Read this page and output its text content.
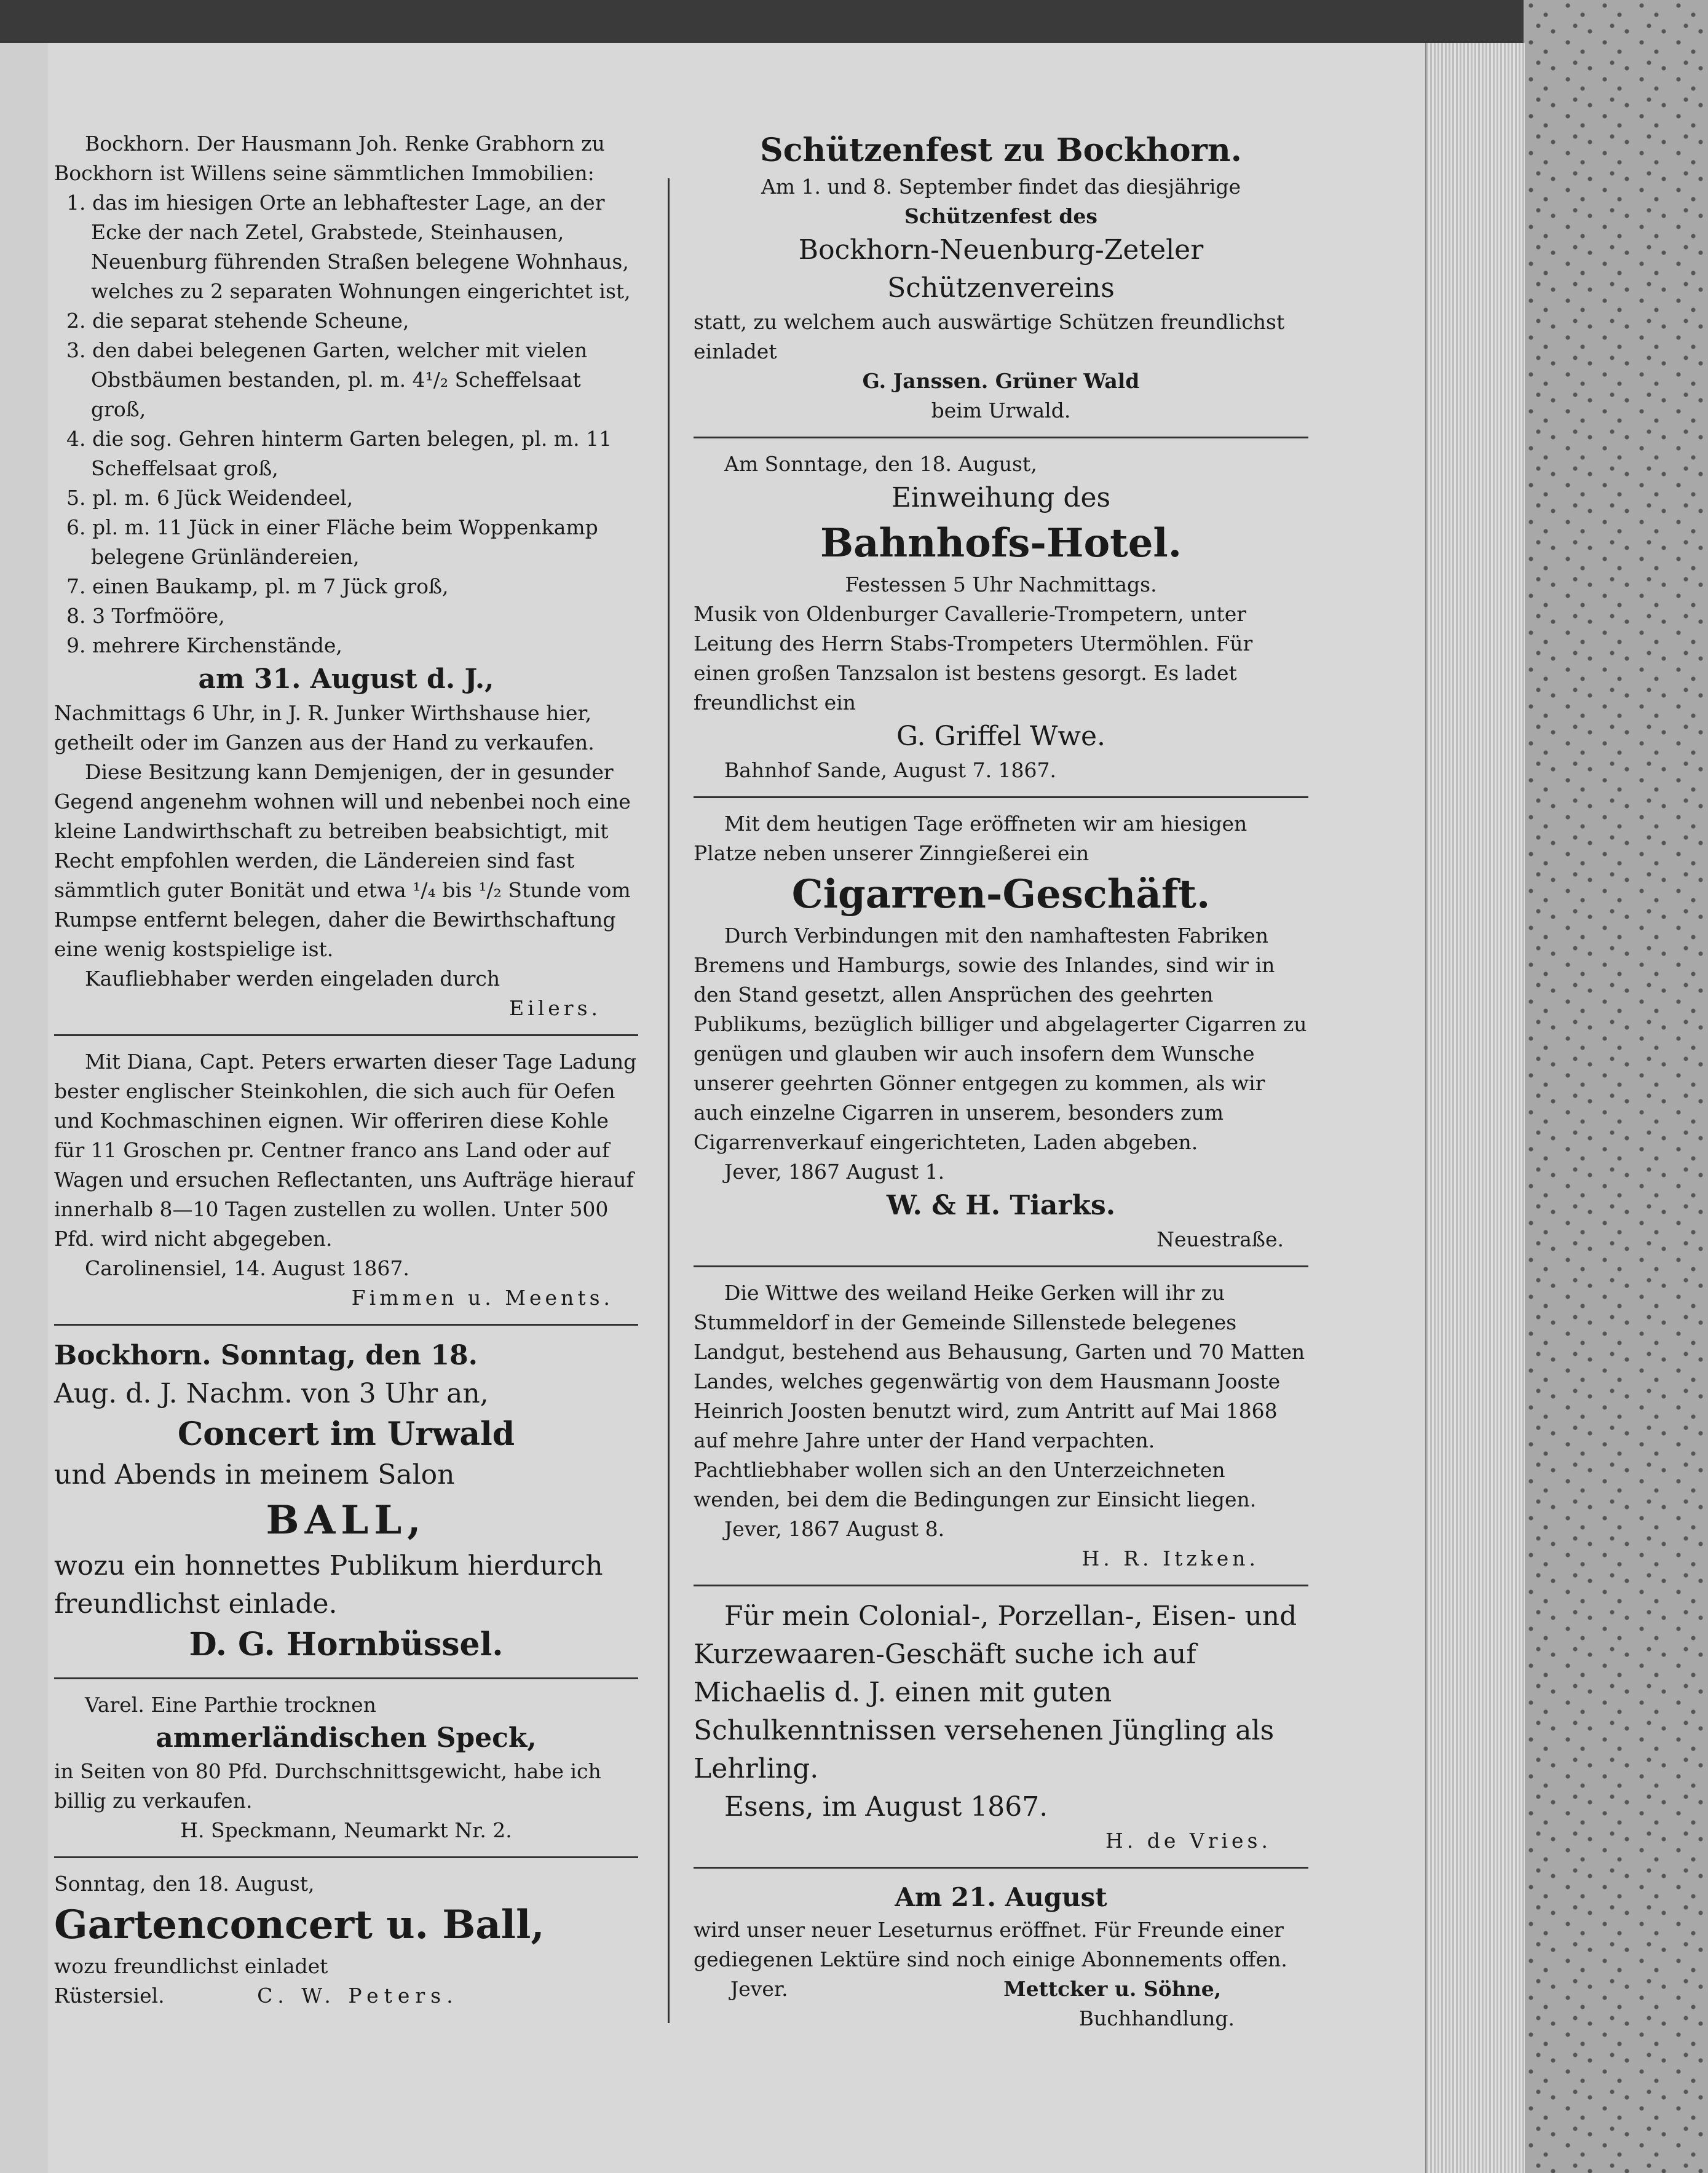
Bockhorn. Der Hausmann Joh. Renke Grabhorn zu Bockhorn ist Willens seine sämmtlichen Immobilien:

1. das im hiesigen Orte an lebhaftester Lage, an der Ecke der nach Zetel, Grabstede, Steinhausen, Neuenburg führenden Straßen belegene Wohnhaus, welches zu 2 separaten Wohnungen eingerichtet ist,

2. die separat stehende Scheune,

3. den dabei belegenen Garten, welcher mit vielen Obstbäumen bestanden, pl. m. 4¹/₂ Scheffelsaat groß,

4. die sog. Gehren hinterm Garten belegen, pl. m. 11 Scheffelsaat groß,

5. pl. m. 6 Jück Weidendeel,

6. pl. m. 11 Jück in einer Fläche beim Woppenkamp belegene Grünländereien,

7. einen Baukamp, pl. m 7 Jück groß,

8. 3 Torfmööre,

9. mehrere Kirchenstände,

am 31. August d. J.,

Nachmittags 6 Uhr, in J. R. Junker Wirthshause hier, getheilt oder im Ganzen aus der Hand zu verkaufen.

Diese Besitzung kann Demjenigen, der in gesunder Gegend angenehm wohnen will und nebenbei noch eine kleine Landwirthschaft zu betreiben beabsichtigt, mit Recht empfohlen werden, die Ländereien sind fast sämmtlich guter Bonität und etwa ¹/₄ bis ¹/₂ Stunde vom Rumpse entfernt belegen, daher die Bewirthschaftung eine wenig kostspielige ist.

Kaufliebhaber werden eingeladen durch

Eilers.

Mit Diana, Capt. Peters erwarten dieser Tage Ladung bester englischer Steinkohlen, die sich auch für Oefen und Kochmaschinen eignen. Wir offeriren diese Kohle für 11 Groschen pr. Centner franco ans Land oder auf Wagen und ersuchen Reflectanten, uns Aufträge hierauf innerhalb 8—10 Tagen zustellen zu wollen. Unter 500 Pfd. wird nicht abgegeben.

Carolinensiel, 14. August 1867.

Fimmen u. Meents.

Bockhorn. Sonntag, den 18.

Aug. d. J. Nachm. von 3 Uhr an,

Concert im Urwald

und Abends in meinem Salon

BALL,

wozu ein honnettes Publikum hierdurch freundlichst einlade.

D. G. Hornbüssel.

Varel. Eine Parthie trocknen

ammerländischen Speck,

in Seiten von 80 Pfd. Durchschnittsgewicht, habe ich billig zu verkaufen.

H. Speckmann, Neumarkt Nr. 2.

Sonntag, den 18. August,

Gartenconcert u. Ball,

wozu freundlichst einladet

Rüstersiel.	C. W. Peters.

Schützenfest zu Bockhorn.

Am 1. und 8. September findet das diesjährige

Schützenfest des

Bockhorn-Neuenburg-Zeteler

Schützenvereins

statt, zu welchem auch auswärtige Schützen freundlichst einladet

G. Janssen. Grüner Wald

beim Urwald.

Am Sonntage, den 18. August,

Einweihung des

Bahnhofs-Hotel.

Festessen 5 Uhr Nachmittags.

Musik von Oldenburger Cavallerie-Trompetern, unter Leitung des Herrn Stabs-Trompeters Utermöhlen. Für einen großen Tanzsalon ist bestens gesorgt. Es ladet freundlichst ein

G. Griffel Wwe.

Bahnhof Sande, August 7. 1867.

Mit dem heutigen Tage eröffneten wir am hiesigen Platze neben unserer Zinngießerei ein

Cigarren-Geschäft.

Durch Verbindungen mit den namhaftesten Fabriken Bremens und Hamburgs, sowie des Inlandes, sind wir in den Stand gesetzt, allen Ansprüchen des geehrten Publikums, bezüglich billiger und abgelagerter Cigarren zu genügen und glauben wir auch insofern dem Wunsche unserer geehrten Gönner entgegen zu kommen, als wir auch einzelne Cigarren in unserem, besonders zum Cigarrenverkauf eingerichteten, Laden abgeben.

Jever, 1867 August 1.

W. & H. Tiarks.

Neuestraße.

Die Wittwe des weiland Heike Gerken will ihr zu Stummeldorf in der Gemeinde Sillenstede belegenes Landgut, bestehend aus Behausung, Garten und 70 Matten Landes, welches gegenwärtig von dem Hausmann Jooste Heinrich Joosten benutzt wird, zum Antritt auf Mai 1868 auf mehre Jahre unter der Hand verpachten. Pachtliebhaber wollen sich an den Unterzeichneten wenden, bei dem die Bedingungen zur Einsicht liegen.

Jever, 1867 August 8.

H. R. Itzken.

Für mein Colonial-, Porzellan-, Eisen- und Kurzewaaren-Geschäft suche ich auf Michaelis d. J. einen mit guten Schulkenntnissen versehenen Jüngling als Lehrling.

Esens, im August 1867.

H. de Vries.

Am 21. August

wird unser neuer Leseturnus eröffnet. Für Freunde einer gediegenen Lektüre sind noch einige Abonnements offen.

Jever.	Mettcker u. Söhne,

Buchhandlung.
